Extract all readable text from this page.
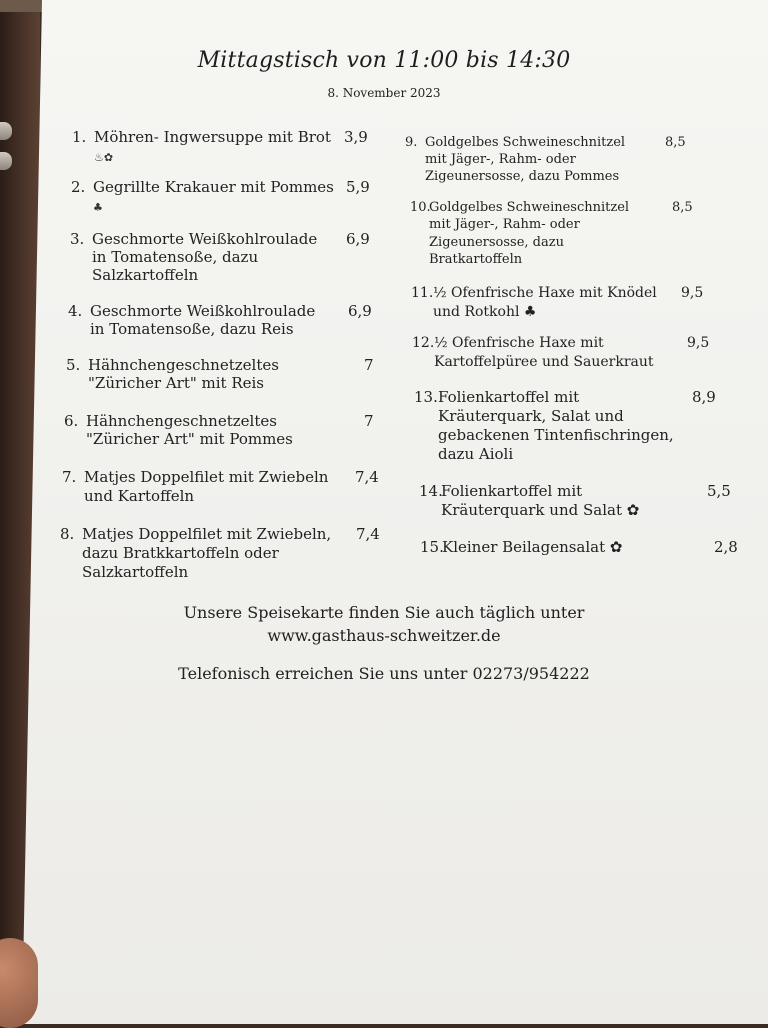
Mittagstisch von 11:00 bis 14:30
8. November 2023
1. Möhren- Ingwersuppe mit Brot 3,9
♨✿
2. Gegrillte Krakauer mit Pommes 5,9
♣
3. Geschmorte Weißkohlroulade
in Tomatensoße, dazu
Salzkartoffeln
6,9
4. Geschmorte Weißkohlroulade
in Tomatensoße, dazu Reis
6,9
5. Hähnchengeschnetzeltes
"Züricher Art" mit Reis
7
6. Hähnchengeschnetzeltes
"Züricher Art" mit Pommes
7
7. Matjes Doppelfilet mit Zwiebeln
und Kartoffeln
7,4
8. Matjes Doppelfilet mit Zwiebeln,
dazu Bratkkartoffeln oder
Salzkartoffeln
7,4
9. Goldgelbes Schweineschnitzel
mit Jäger-, Rahm- oder
Zigeunersosse, dazu Pommes
8,5
10.
Goldgelbes Schweineschnitzel
mit Jäger-, Rahm- oder
Zigeunersosse, dazu
Bratkartoffeln
8,5
11. ½ Ofenfrische Haxe mit Knödel
und Rotkohl ♣
9,5
12. ½ Ofenfrische Haxe mit
Kartoffelpüree und Sauerkraut
9,5
13. Folienkartoffel mit
Kräuterquark, Salat und
gebackenen Tintenfischringen,
dazu Aioli
8,9
14.
Folienkartoffel mit
Kräuterquark und Salat ✿
5,5
15.
Kleiner Beilagensalat ✿	2,8
Unsere Speisekarte finden Sie auch täglich unter
www.gasthaus-schweitzer.de
Telefonisch erreichen Sie uns unter 02273/954222
